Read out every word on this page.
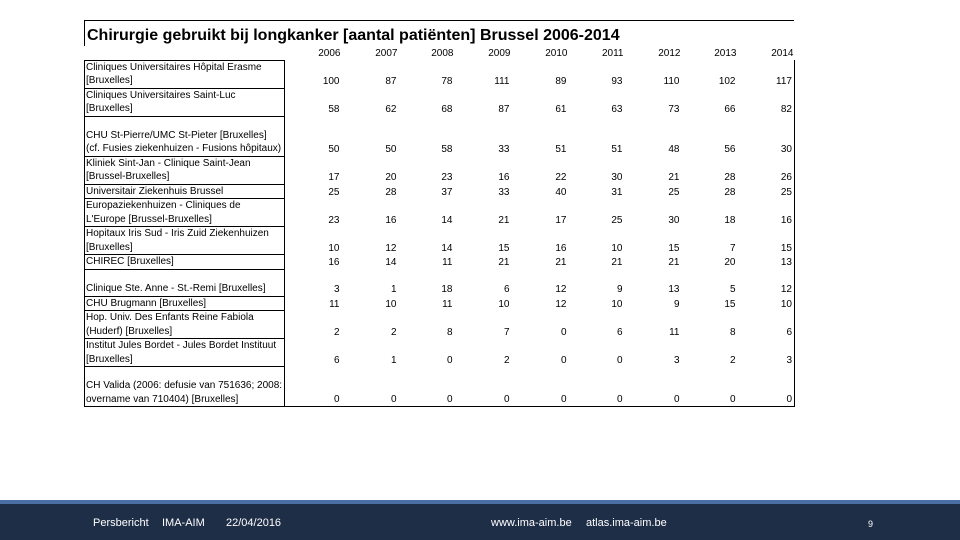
Chirurgie gebruikt bij longkanker [aantal patiënten] Brussel 2006-2014
	2006	2007	2008	2009	2010	2011	2012	2013	2014
Cliniques Universitaires Hôpital Erasme [Bruxelles]	100	87	78	111	89	93	110	102	117
Cliniques Universitaires Saint-Luc [Bruxelles]	58	62	68	87	61	63	73	66	82
CHU St-Pierre/UMC St-Pieter [Bruxelles] (cf. Fusies ziekenhuizen - Fusions hôpitaux)	50	50	58	33	51	51	48	56	30
Kliniek Sint-Jan - Clinique Saint-Jean [Brussel-Bruxelles]	17	20	23	16	22	30	21	28	26
Universitair Ziekenhuis Brussel	25	28	37	33	40	31	25	28	25
Europaziekenhuizen - Cliniques de L'Europe [Brussel-Bruxelles]	23	16	14	21	17	25	30	18	16
Hopitaux Iris Sud - Iris Zuid Ziekenhuizen [Bruxelles]	10	12	14	15	16	10	15	7	15
CHIREC [Bruxelles]	16	14	11	21	21	21	21	20	13
Clinique Ste. Anne - St.-Remi [Bruxelles]	3	1	18	6	12	9	13	5	12
CHU Brugmann [Bruxelles]	11	10	11	10	12	10	9	15	10
Hop. Univ. Des Enfants Reine Fabiola (Huderf) [Bruxelles]	2	2	8	7	0	6	11	8	6
Institut Jules Bordet - Jules Bordet Instituut [Bruxelles]	6	1	0	2	0	0	3	2	3
CH Valida (2006: defusie van 751636; 2008: overname van 710404) [Bruxelles]	0	0	0	0	0	0	0	0	0
Persbericht IMA-AIM 22/04/2016	www.ima-aim.be atlas.ima-aim.be	9
